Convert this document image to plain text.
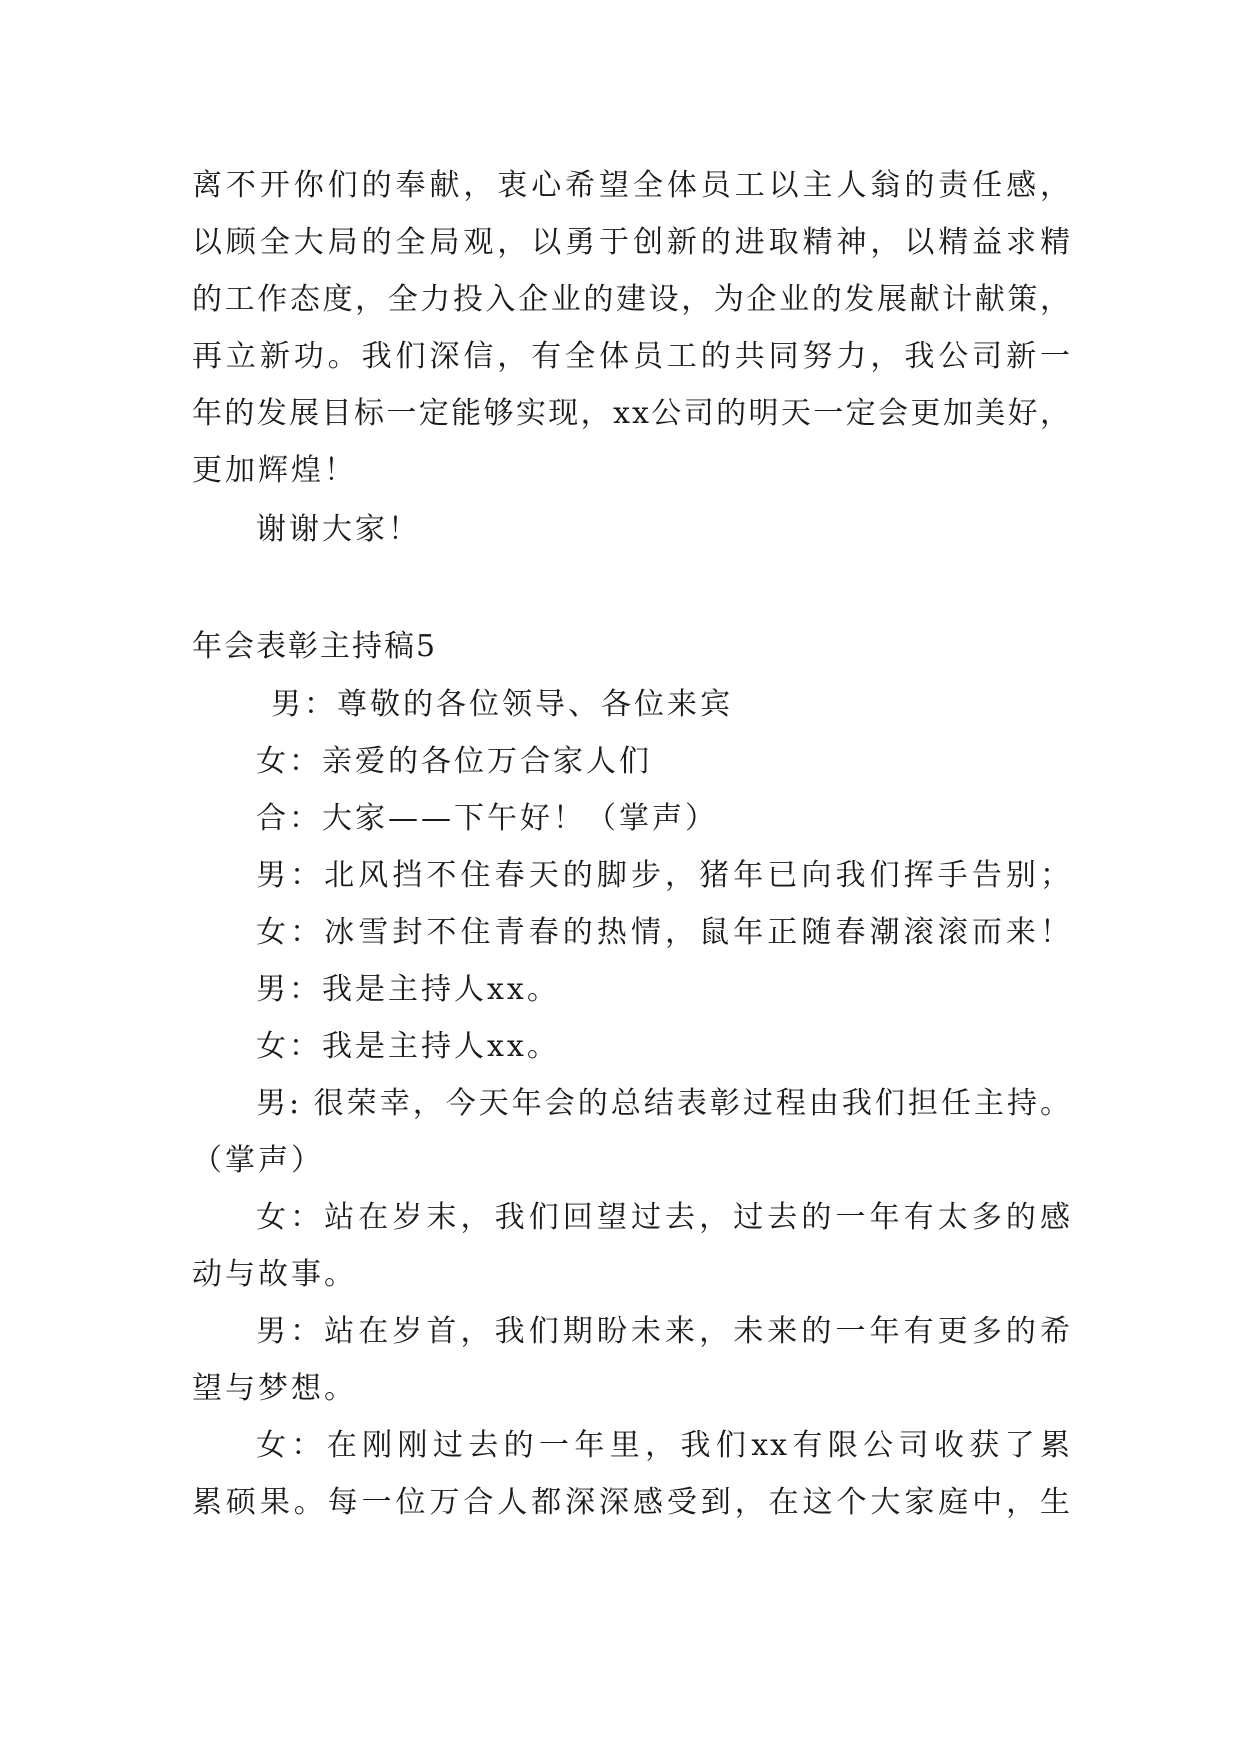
离不开你们的奉献，衷心希望全体员工以主人翁的责任感，
以顾全大局的全局观，以勇于创新的进取精神，以精益求精
的工作态度，全力投入企业的建设，为企业的发展献计献策，
再立新功。我们深信，有全体员工的共同努力，我公司新一
年的发展目标一定能够实现，xx公司的明天一定会更加美好，
更加辉煌！
谢谢大家！
年会表彰主持稿5
男：尊敬的各位领导、各位来宾
女：亲爱的各位万合家人们
合：大家——下午好！（掌声）
男：北风挡不住春天的脚步，猪年已向我们挥手告别；
女：冰雪封不住青春的热情，鼠年正随春潮滚滚而来！
男：我是主持人xx。
女：我是主持人xx。
男: 很荣幸，今天年会的总结表彰过程由我们担任主持。
（掌声）
女：站在岁末，我们回望过去，过去的一年有太多的感
动与故事。
男：站在岁首，我们期盼未来，未来的一年有更多的希
望与梦想。
女：在刚刚过去的一年里，我们xx有限公司收获了累
累硕果。每一位万合人都深深感受到，在这个大家庭中，生
